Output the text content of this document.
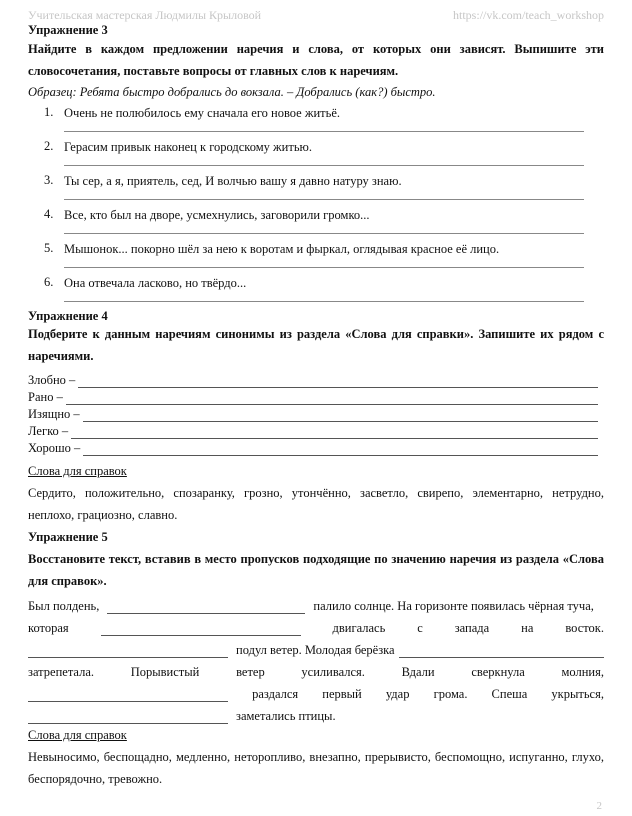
Учительская мастерская Людмилы Крыловой	https://vk.com/teach_workshop

Упражнение 3

Найдите в каждом предложении наречия и слова, от которых они зависят. Выпишите эти словосочетания, поставьте вопросы от главных слов к наречиям.

Образец: Ребята быстро добрались до вокзала. – Добрались (как?) быстро.

1. Очень не полюбилось ему сначала его новое житьё.
2. Герасим привык наконец к городскому житью.
3. Ты сер, а я, приятель, сед, И волчью вашу я давно натуру знаю.
4. Все, кто был на дворе, усмехнулись, заговорили громко...
5. Мышонок... покорно шёл за нею к воротам и фыркал, оглядывая красное её лицо.
6. Она отвечала ласково, но твёрдо...

Упражнение 4

Подберите к данным наречиям синонимы из раздела «Слова для справки». Запишите их рядом с наречиями.

Злобно –
Рано –
Изящно –
Легко –
Хорошо –

Слова для справок

Сердито, положительно, спозаранку, грозно, утончённо, засветло, свирепо, элементарно, нетрудно, неплохо, грациозно, славно.

Упражнение 5

Восстановите текст, вставив в место пропусков подходящие по значению наречия из раздела «Слова для справок».

Был полдень,	палило солнце. На горизонте появилась чёрная туча,
которая	двигалась	с	запада	на	восток.
подул ветер. Молодая берёзка
затрепетала.	Порывистый	ветер	усиливался.	Вдали	сверкнула	молния,
раздался первый удар грома. Спеша укрыться,
заметались птицы.

Слова для справок

Невыносимо, беспощадно, медленно, неторопливо, внезапно, прерывисто, беспомощно, испуганно, глухо, беспорядочно, тревожно.

2
